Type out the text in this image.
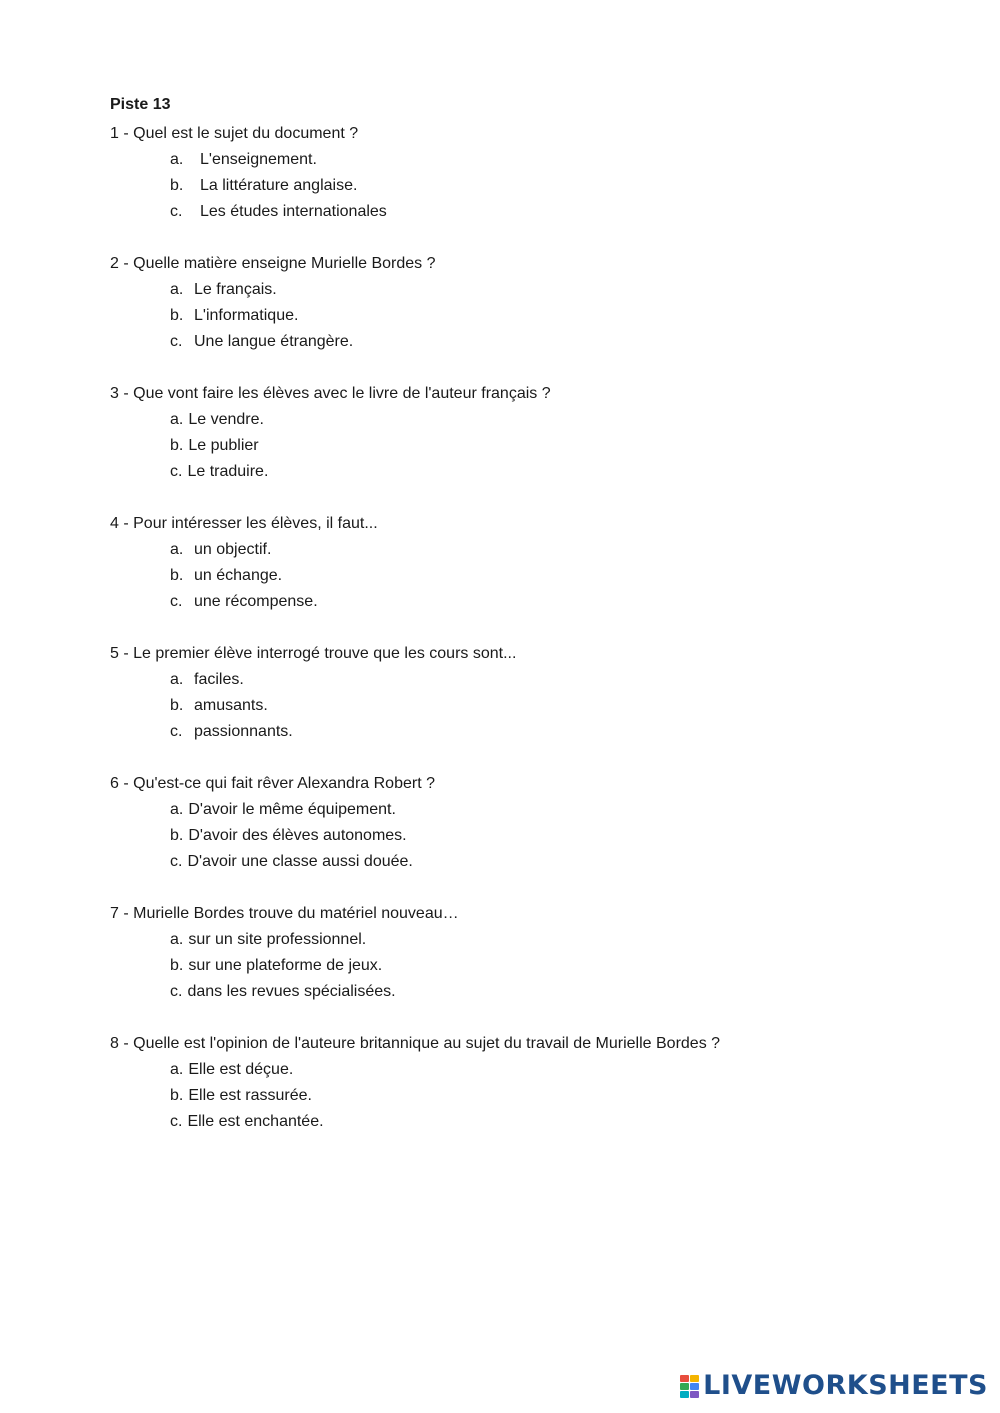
Piste 13

1 - Quel est le sujet du document ?

a.	L'enseignement.
b.	La littérature anglaise.
c.	Les études internationales

2 - Quelle matière enseigne Murielle Bordes ?

a. Le français.
b. L'informatique.
c. Une langue étrangère.

3 - Que vont faire les élèves avec le livre de l'auteur français ?

a. Le vendre.
b. Le publier
c. Le traduire.

4 - Pour intéresser les élèves, il faut...

a. un objectif.
b. un échange.
c. une récompense.

5 - Le premier élève interrogé trouve que les cours sont...

a. faciles.
b. amusants.
c. passionnants.

6 - Qu'est-ce qui fait rêver Alexandra Robert ?

a. D'avoir le même équipement.
b. D'avoir des élèves autonomes.
c. D'avoir une classe aussi douée.

7 - Murielle Bordes trouve du matériel nouveau…

a. sur un site professionnel.
b. sur une plateforme de jeux.
c. dans les revues spécialisées.

8 - Quelle est l'opinion de l'auteure britannique au sujet du travail de Murielle Bordes ?

a. Elle est déçue.
b. Elle est rassurée.
c. Elle est enchantée.
LIVEWORKSHEETS
